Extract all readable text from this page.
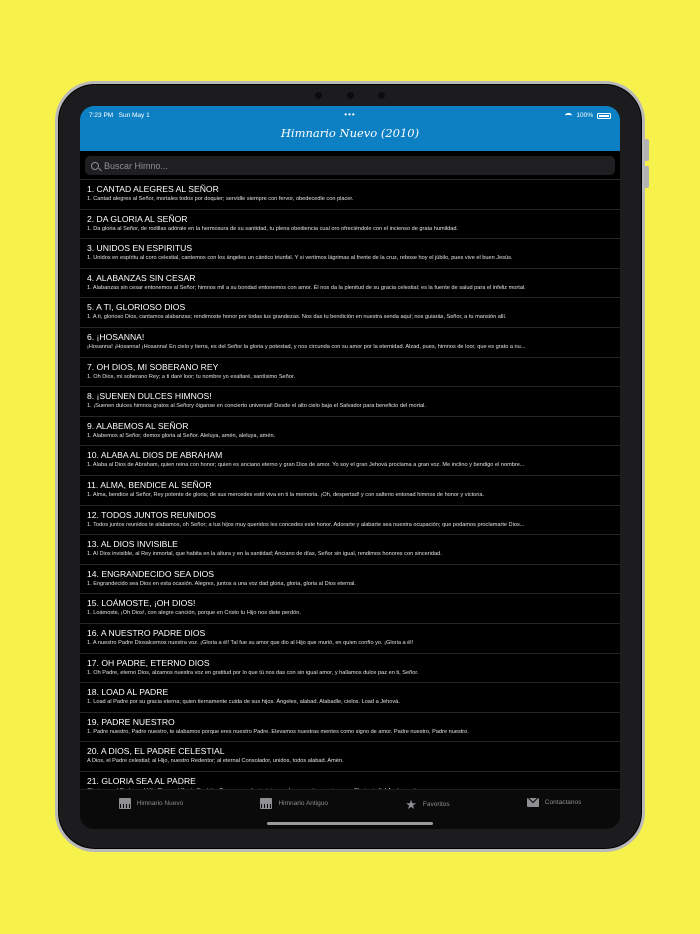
7:23 PM Sun May 1	•••	100%
Himnario Nuevo (2010)
Buscar Himno...
1. CANTAD ALEGRES AL SEÑOR
1. Cantad alegres al Señor, mortales todos por doquier; servidle siempre con fervor, obedecedle con placer.
2. DA GLORIA AL SEÑOR
1. Da gloria al Señor, de rodillas adórale en la hermosura de su santidad, tu plena obediencia cual oro ofreciéndole con el incienso de grata humildad.
3. UNIDOS EN ESPIRITUS
1. Unidos en espíritu al coro celestial, cantemos con los ángeles un cántico triunfal. Y si vertimos lágrimas al frente de la cruz, rebose hoy el júbilo, pues vive el buen Jesús.
4. ALABANZAS SIN CESAR
1. Alabanzas sin cesar entonemos al Señor; himnos mil a su bondad entonemos con amor. Él nos da la plenitud de su gracia celestial; es la fuente de salud para el infeliz mortal.
5. A TI, GLORIOSO DIOS
1. A ti, glorioso Dios, cantamos alabanzas; rendimoste honor por todas tus grandezas. Nos das tu bendición en nuestra senda aquí; nos guiarás, Señor, a tu mansión allí.
6. ¡HOSANNA!
¡Hosanna! ¡Hosanna! ¡Hosanna! En cielo y tierra, es del Señor la gloria y potestad, y nos circunda con su amor por la eternidad. Alzad, pues, himnos de loor, que es grato a nu...
7. OH DIOS, MI SOBERANO REY
1. Oh Dios, mi soberano Rey; a ti daré loor; tu nombre yo exaltaré, santísimo Señor.
8. ¡SUENEN DULCES HIMNOS!
1. ¡Suenen dulces himnos gratos al Señory óiganse en concierto universal! Desde el alto cielo baja el Salvador para beneficio del mortal.
9. ALABEMOS AL SEÑOR
1. Alabemos al Señor; demos gloria al Señor. Aleluya, amén, aleluya, amén.
10. ALABA AL DIOS DE ABRAHAM
1. Alaba al Dios de Abraham, quien reina con honor; quien es anciano eterno y gran Dios de amor. Yo soy el gran Jehová proclama a gran voz. Me inclino y bendigo el nombre...
11. ALMA, BENDICE AL SEÑOR
1. Alma, bendice al Señor, Rey potente de gloria; de sus mercedes esté viva en ti la memoria. ¡Oh, despertad! y con salterio entonad himnos de honor y victoria.
12. TODOS JUNTOS REUNIDOS
1. Todos juntos reunidos te alabamos, oh Señor; a tus hijos muy queridos les concedes este honor. Adorarte y alabarte sea nuestra ocupación; que podamos proclamarte Dios...
13. AL DIOS INVISIBLE
1. Al Dios invisible, al Rey inmortal, que habita en la altura y en la santidad; Anciano de días, Señor sin igual, rendimos honores con sinceridad.
14. ENGRANDECIDO SEA DIOS
1. Engrandecido sea Dios en esta ocasión. Alegres, juntos a una voz dad gloria, gloria, gloria al Dios eternal.
15. LOÁMOSTE, ¡OH DIOS!
1. Loámoste, ¡Oh Dios!, con alegre canción, porque en Cristo tu Hijo nos diste perdón.
16. A NUESTRO PADRE DIOS
1. A nuestro Padre Diosalcemos nuestra voz. ¡Gloria a él! Tal fue su amor que dio al Hijo que murió, en quien confío yo. ¡Gloria a él!
17. OH PADRE, ETERNO DIOS
1. Oh Padre, eterno Dios, alzamos nuestra voz en gratitud por lo que tú nos das con sin igual amor, y hallamos dulce paz en ti, Señor.
18. LOAD AL PADRE
1. Load al Padre por su gracia eterna; quien tiernamente cuida de sus hijos. Ángeles, alabad. Alabadle, cielos. Load a Jehová.
19. PADRE NUESTRO
1. Padre nuestro, Padre nuestro, te alabamos porque eres nuestro Padre. Elevamos nuestras mentes como signo de amor. Padre nuestro, Padre nuestro.
20. A DIOS, EL PADRE CELESTIAL
A Dios, el Padre celestial; al Hijo, nuestro Redentor; al eternal Consolador, unidos, todos alabad. Amén.
21. GLORIA SEA AL PADRE
Himnario Nuevo	Himnario Antiguo	★ Favoritos	Contactanos
